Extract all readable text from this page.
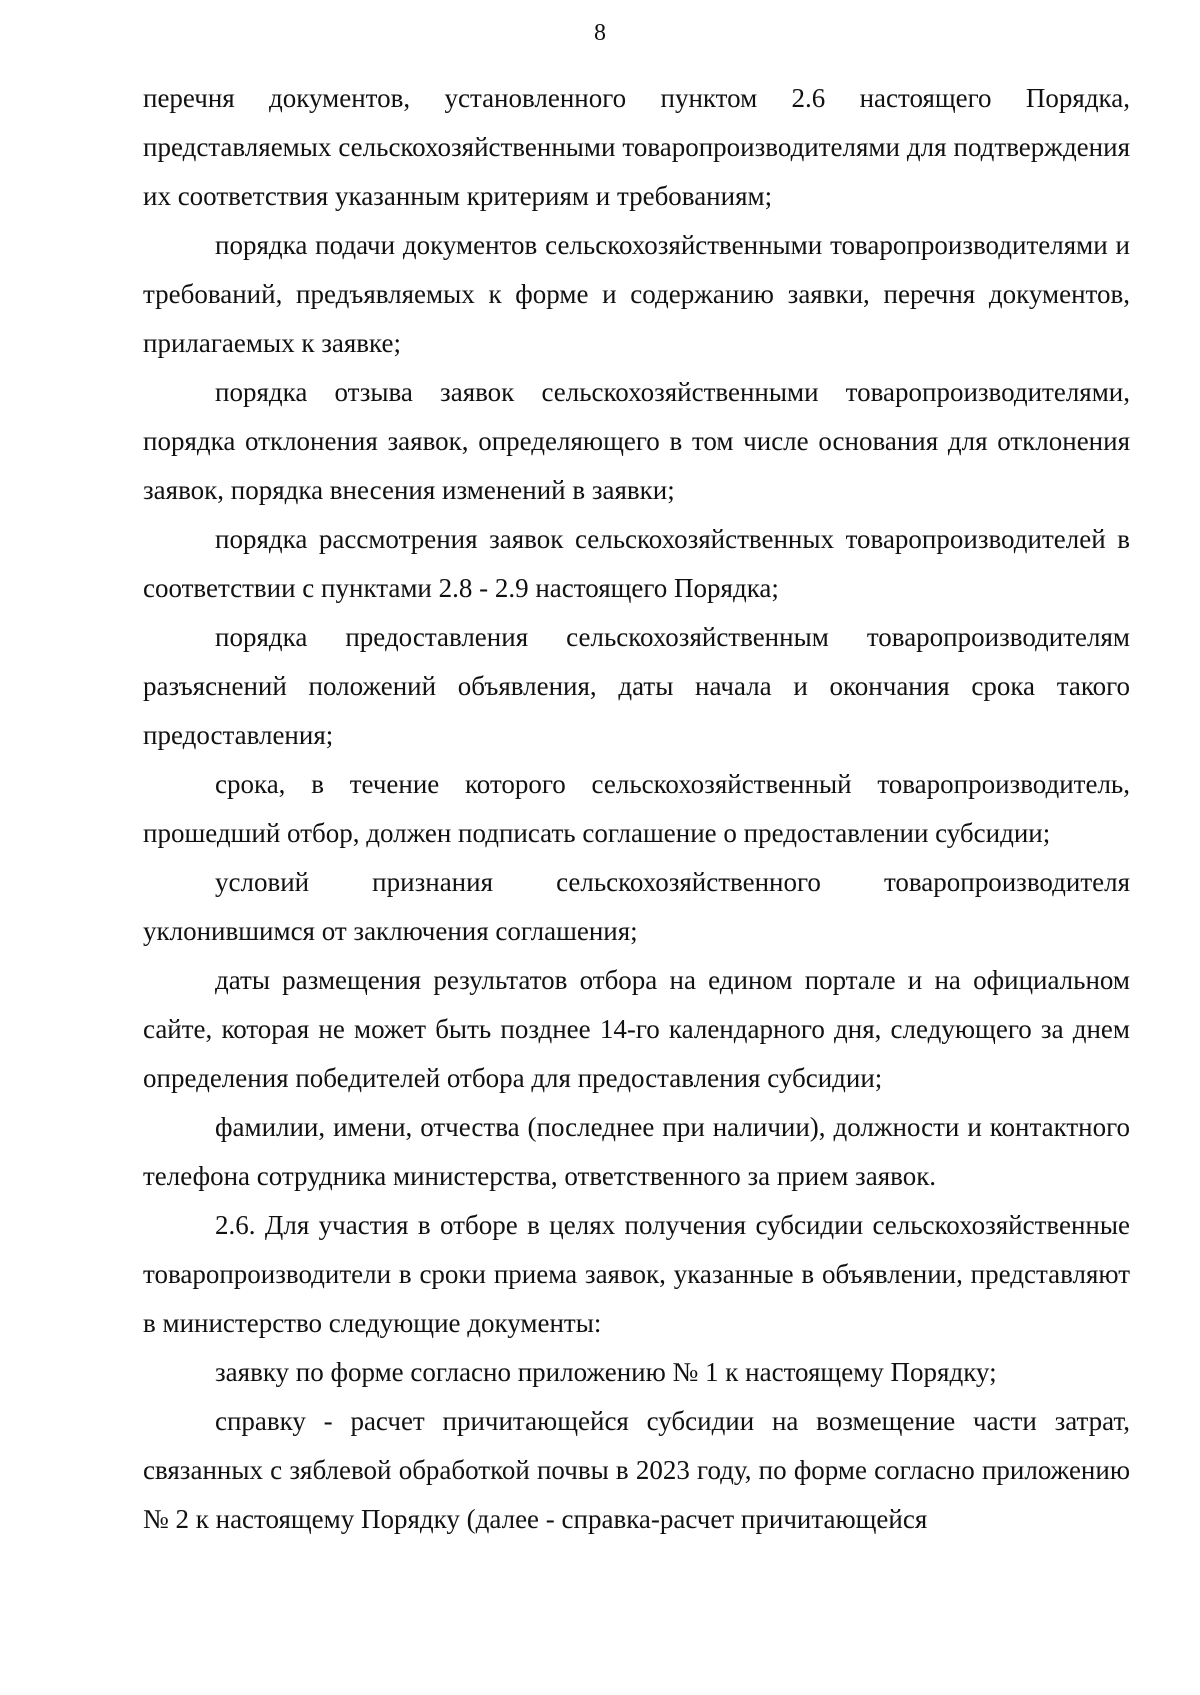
8

перечня документов, установленного пунктом 2.6 настоящего Порядка, представляемых сельскохозяйственными товаропроизводителями для подтверждения их соответствия указанным критериям и требованиям;

порядка подачи документов сельскохозяйственными товаропроизводителями и требований, предъявляемых к форме и содержанию заявки, перечня документов, прилагаемых к заявке;

порядка отзыва заявок сельскохозяйственными товаропроизводителями, порядка отклонения заявок, определяющего в том числе основания для отклонения заявок, порядка внесения изменений в заявки;

порядка рассмотрения заявок сельскохозяйственных товаропроизводителей в соответствии с пунктами 2.8 - 2.9 настоящего Порядка;

порядка предоставления сельскохозяйственным товаропроизводителям разъяснений положений объявления, даты начала и окончания срока такого предоставления;

срока, в течение которого сельскохозяйственный товаропроизводитель, прошедший отбор, должен подписать соглашение о предоставлении субсидии;

условий признания сельскохозяйственного товаропроизводителя уклонившимся от заключения соглашения;

даты размещения результатов отбора на едином портале и на официальном сайте, которая не может быть позднее 14-го календарного дня, следующего за днем определения победителей отбора для предоставления субсидии;

фамилии, имени, отчества (последнее при наличии), должности и контактного телефона сотрудника министерства, ответственного за прием заявок.

2.6. Для участия в отборе в целях получения субсидии сельскохозяйственные товаропроизводители в сроки приема заявок, указанные в объявлении, представляют в министерство следующие документы:

заявку по форме согласно приложению № 1 к настоящему Порядку;

справку - расчет причитающейся субсидии на возмещение части затрат, связанных с зяблевой обработкой почвы в 2023 году, по форме согласно приложению № 2 к настоящему Порядку (далее - справка-расчет причитающейся
